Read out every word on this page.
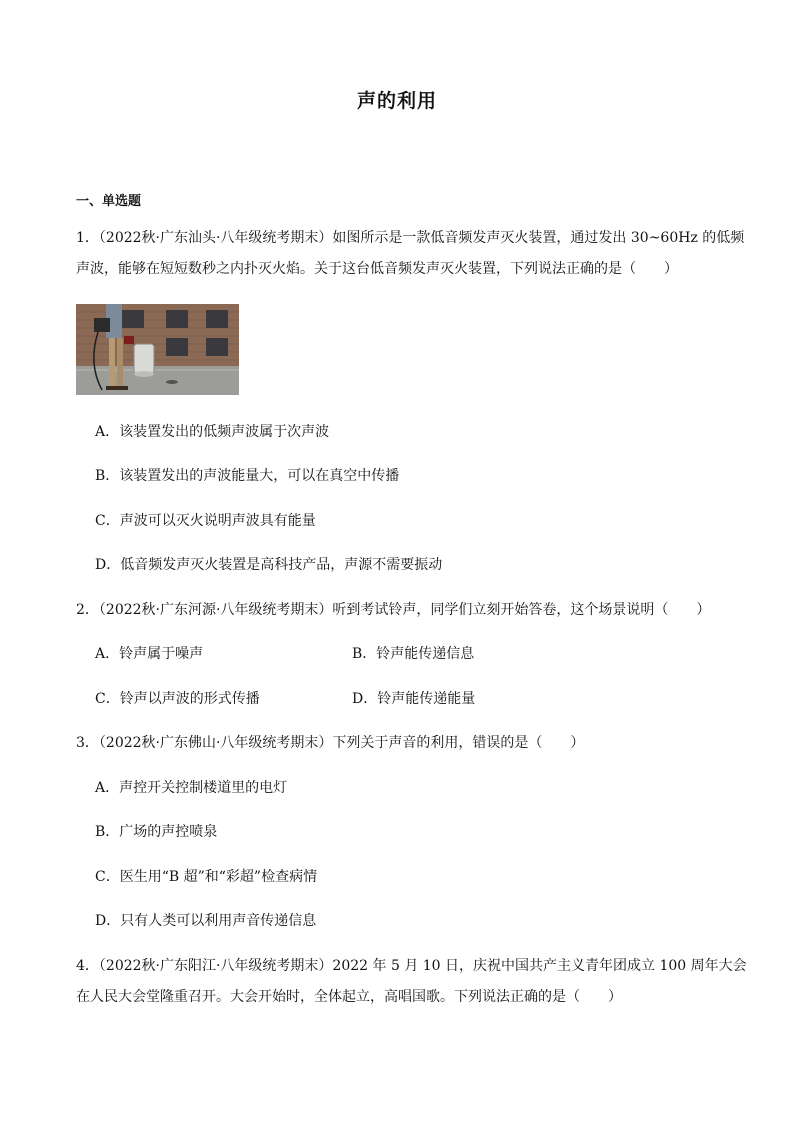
声的利用
一、单选题
1．（2022秋·广东汕头·八年级统考期末）如图所示是一款低音频发声灭火装置，通过发出 30~60Hz 的低频
声波，能够在短短数秒之内扑灭火焰。关于这台低音频发声灭火装置，下列说法正确的是（　　）
A．该装置发出的低频声波属于次声波
B．该装置发出的声波能量大，可以在真空中传播
C．声波可以灭火说明声波具有能量
D．低音频发声灭火装置是高科技产品，声源不需要振动
2．（2022秋·广东河源·八年级统考期末）听到考试铃声，同学们立刻开始答卷，这个场景说明（　　）
A．铃声属于噪声	B．铃声能传递信息
C．铃声以声波的形式传播	D．铃声能传递能量
3．（2022秋·广东佛山·八年级统考期末）下列关于声音的利用，错误的是（　　）
A．声控开关控制楼道里的电灯
B．广场的声控喷泉
C．医生用“B 超”和“彩超”检查病情
D．只有人类可以利用声音传递信息
4．（2022秋·广东阳江·八年级统考期末）2022 年 5 月 10 日，庆祝中国共产主义青年团成立 100 周年大会
在人民大会堂隆重召开。大会开始时，全体起立，高唱国歌。下列说法正确的是（　　）
